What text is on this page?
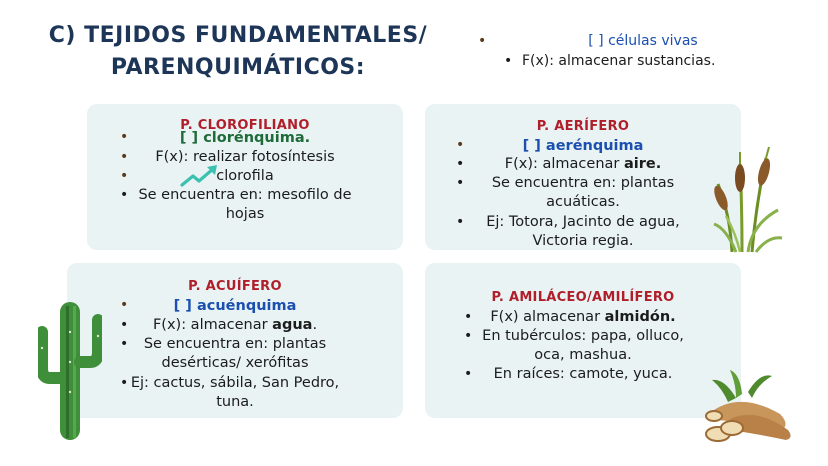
C) TEJIDOS FUNDAMENTALES/
PARENQUIMÁTICOS:
•	[ ] células vivas
• F(x): almacenar sustancias.
P. CLOROFILIANO
•	[ ] clorénquima.
•	F(x): realizar fotosíntesis
•	clorofila
• Se encuentra en: mesofilo de
hojas
P. AERÍFERO
•	[ ] aerénquima
•	F(x): almacenar aire.
•	Se encuentra en: plantas
acuáticas.
•	Ej: Totora, Jacinto de agua,
Victoria regia.
P. ACUÍFERO
•	[ ] acuénquima
•	F(x): almacenar agua.
•	Se encuentra en: plantas
desérticas/ xerófitas
• Ej: cactus, sábila, San Pedro,
tuna.
P. AMILÁCEO/AMILÍFERO
•	F(x) almacenar almidón.
• En tubérculos: papa, olluco,
oca, mashua.
•	En raíces: camote, yuca.
